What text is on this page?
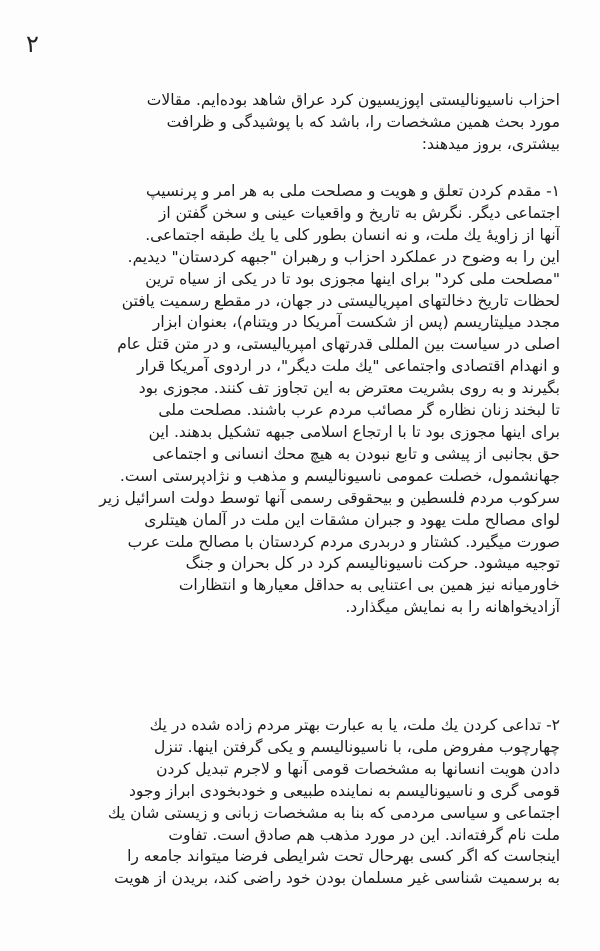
۲
احزاب ناسیونالیستی اپوزیسیون کرد عراق شاهد بوده‌ایم. مقالات
مورد بحث همین مشخصات را، باشد که با پوشیدگی و ظرافت
بیشتری، بروز میدهند:
۱- مقدم کردن تعلق و هویت و مصلحت ملی به هر امر و پرنسیپ
اجتماعی دیگر. نگرش به تاریخ و واقعیات عینی و سخن گفتن از
آنها از زاویهٔ یك ملت، و نه انسان بطور کلی یا یك طبقه اجتماعی.
این را به وضوح در عملکرد احزاب و رهبران "جبهه کردستان" دیدیم.
"مصلحت ملی کرد" برای اینها مجوزی بود تا در یکی از سیاه ترین
لحظات تاریخ دخالتهای امپریالیستی در جهان، در مقطع رسمیت یافتن
مجدد میلیتاریسم (پس از شکست آمریکا در ویتنام)، بعنوان ابزار
اصلی در سیاست بین المللی قدرتهای امپریالیستی، و در متن قتل عام
و انهدام اقتصادی واجتماعی "یك ملت دیگر"، در اردوی آمریکا قرار
بگیرند و به روی بشریت معترض به این تجاوز تف کنند. مجوزی بود
تا لبخند زنان نظاره گر مصائب مردم عرب باشند. مصلحت ملی
برای اینها مجوزی بود تا با ارتجاع اسلامی جبهه تشکیل بدهند. این
حق بجانبی از پیشی و تابع نبودن به هیچ محك انسانی و اجتماعی
جهانشمول، خصلت عمومی ناسیونالیسم و مذهب و نژادپرستی است.
سرکوب مردم فلسطین و بیحقوقی رسمی آنها توسط دولت اسرائیل زیر
لوای مصالح ملت یهود و جبران مشقات این ملت در آلمان هیتلری
صورت میگیرد. کشتار و دربدری مردم کردستان با مصالح ملت عرب
توجیه میشود. حرکت ناسیونالیسم کرد در کل بحران و جنگ
خاورمیانه نیز همین بی اعتنایی به حداقل معیارها و انتظارات
آزادیخواهانه را به نمایش میگذارد.
۲- تداعی کردن یك ملت، یا به عبارت بهتر مردم زاده شده در یك
چهارچوب مفروض ملی، با ناسیونالیسم و یکی گرفتن اینها. تنزل
دادن هویت انسانها به مشخصات قومی آنها و لاجرم تبدیل کردن
قومی گری و ناسیونالیسم به نماینده طبیعی و خودبخودی ابراز وجود
اجتماعی و سیاسی مردمی که بنا به مشخصات زبانی و زیستی شان یك
ملت نام گرفته‌اند. این در مورد مذهب هم صادق است. تفاوت
اینجاست که اگر کسی بهرحال تحت شرایطی فرضا میتواند جامعه را
به برسمیت شناسی غیر مسلمان بودن خود راضی کند، بریدن از هویت
